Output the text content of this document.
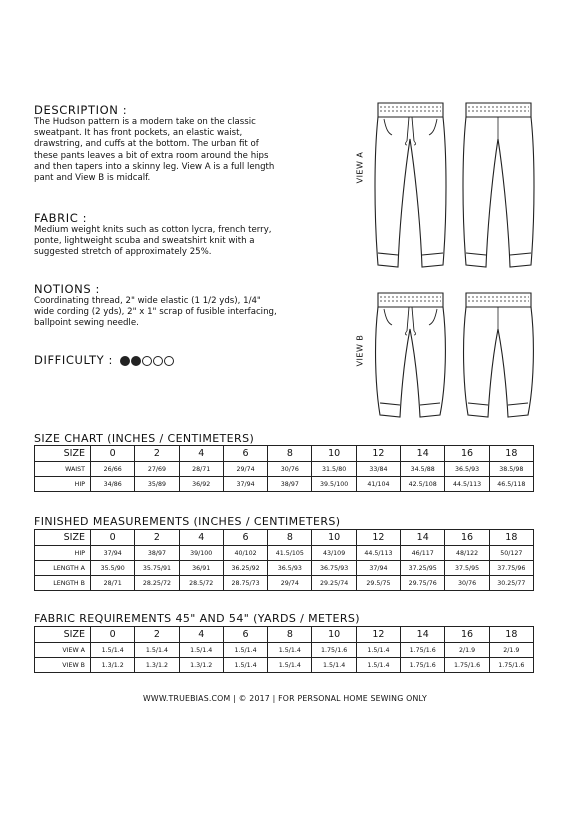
DESCRIPTION :
The Hudson pattern is a modern take on the classic
sweatpant. It has front pockets, an elastic waist,
drawstring, and cuffs at the bottom. The urban fit of
these pants leaves a bit of extra room around the hips
and then tapers into a skinny leg. View A is a full length
pant and View B is midcalf.
FABRIC :
Medium weight knits such as cotton lycra, french terry,
ponte, lightweight scuba and sweatshirt knit with a
suggested stretch of approximately 25%.
NOTIONS :
Coordinating thread, 2" wide elastic (1 1/2 yds), 1/4"
wide cording (2 yds), 2" x 1" scrap of fusible interfacing,
ballpoint sewing needle.
DIFFICULTY :
VIEW A
VIEW B
SIZE CHART (INCHES / CENTIMETERS)
SIZE	0	2	4	6	8	10	12	14	16	18
WAIST	26/66	27/69	28/71	29/74	30/76	31.5/80	33/84	34.5/88	36.5/93	38.5/98
HIP	34/86	35/89	36/92	37/94	38/97	39.5/100	41/104	42.5/108	44.5/113	46.5/118
FINISHED MEASUREMENTS (INCHES / CENTIMETERS)
SIZE	0	2	4	6	8	10	12	14	16	18
HIP	37/94	38/97	39/100	40/102	41.5/105	43/109	44.5/113	46/117	48/122	50/127
LENGTH A	35.5/90	35.75/91	36/91	36.25/92	36.5/93	36.75/93	37/94	37.25/95	37.5/95	37.75/96
LENGTH B	28/71	28.25/72	28.5/72	28.75/73	29/74	29.25/74	29.5/75	29.75/76	30/76	30.25/77
FABRIC REQUIREMENTS 45" AND 54" (YARDS / METERS)
SIZE	0	2	4	6	8	10	12	14	16	18
VIEW A	1.5/1.4	1.5/1.4	1.5/1.4	1.5/1.4	1.5/1.4	1.75/1.6	1.5/1.4	1.75/1.6	2/1.9	2/1.9
VIEW B	1.3/1.2	1.3/1.2	1.3/1.2	1.5/1.4	1.5/1.4	1.5/1.4	1.5/1.4	1.75/1.6	1.75/1.6	1.75/1.6
WWW.TRUEBIAS.COM | © 2017 | FOR PERSONAL HOME SEWING ONLY
